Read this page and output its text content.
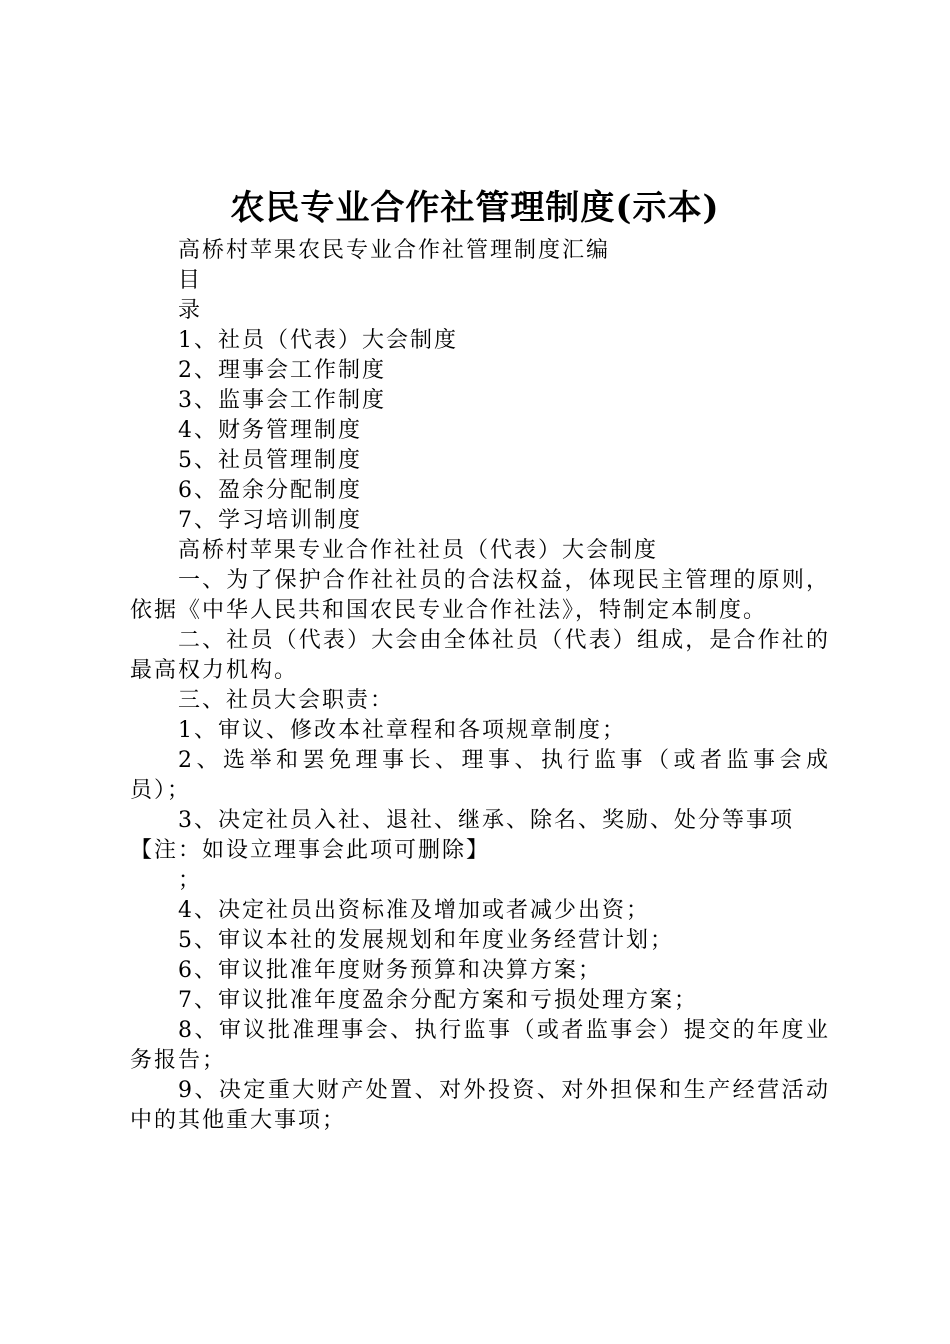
农民专业合作社管理制度(示本)
高桥村苹果农民专业合作社管理制度汇编
目
录
1、社员（代表）大会制度
2、理事会工作制度
3、监事会工作制度
4、财务管理制度
5、社员管理制度
6、盈余分配制度
7、学习培训制度
高桥村苹果专业合作社社员（代表）大会制度
一、为了保护合作社社员的合法权益，体现民主管理的原则，依据《中华人民共和国农民专业合作社法》，特制定本制度。
二、社员（代表）大会由全体社员（代表）组成，是合作社的最高权力机构。
三、社员大会职责：
1、审议、修改本社章程和各项规章制度；
2、选举和罢免理事长、理事、执行监事（或者监事会成员）；
3、决定社员入社、退社、继承、除名、奖励、处分等事项
【注：如设立理事会此项可删除】
；
4、决定社员出资标准及增加或者减少出资；
5、审议本社的发展规划和年度业务经营计划；
6、审议批准年度财务预算和决算方案；
7、审议批准年度盈余分配方案和亏损处理方案；
8、审议批准理事会、执行监事（或者监事会）提交的年度业务报告；
9、决定重大财产处置、对外投资、对外担保和生产经营活动中的其他重大事项；
